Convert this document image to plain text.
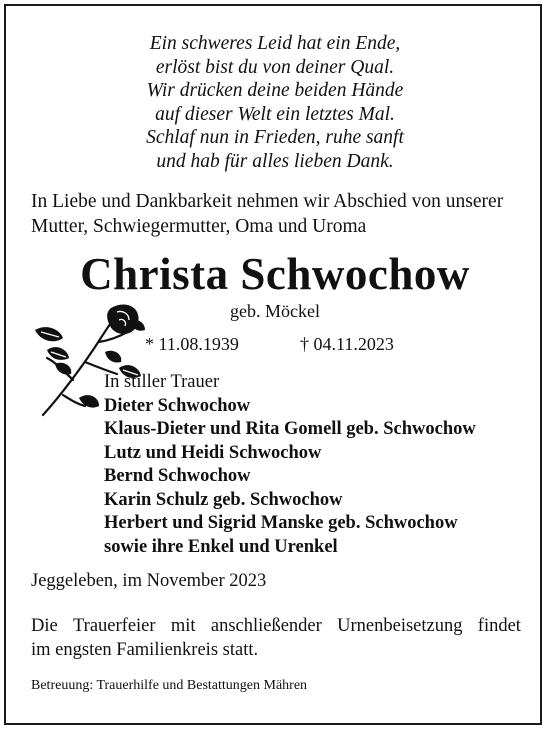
Ein schweres Leid hat ein Ende,
erlöst bist du von deiner Qual.
Wir drücken deine beiden Hände
auf dieser Welt ein letztes Mal.
Schlaf nun in Frieden, ruhe sanft
und hab für alles lieben Dank.
In Liebe und Dankbarkeit nehmen wir Abschied von unserer
Mutter, Schwiegermutter, Oma und Uroma
Christa Schwochow
geb. Möckel
* 11.08.1939	† 04.11.2023
In stiller Trauer
Dieter Schwochow
Klaus-Dieter und Rita Gomell geb. Schwochow
Lutz und Heidi Schwochow
Bernd Schwochow
Karin Schulz geb. Schwochow
Herbert und Sigrid Manske geb. Schwochow
sowie ihre Enkel und Urenkel
Jeggeleben, im November 2023
Die Trauerfeier mit anschließender Urnenbeisetzung findet
im engsten Familienkreis statt.
Betreuung: Trauerhilfe und Bestattungen Mähren
